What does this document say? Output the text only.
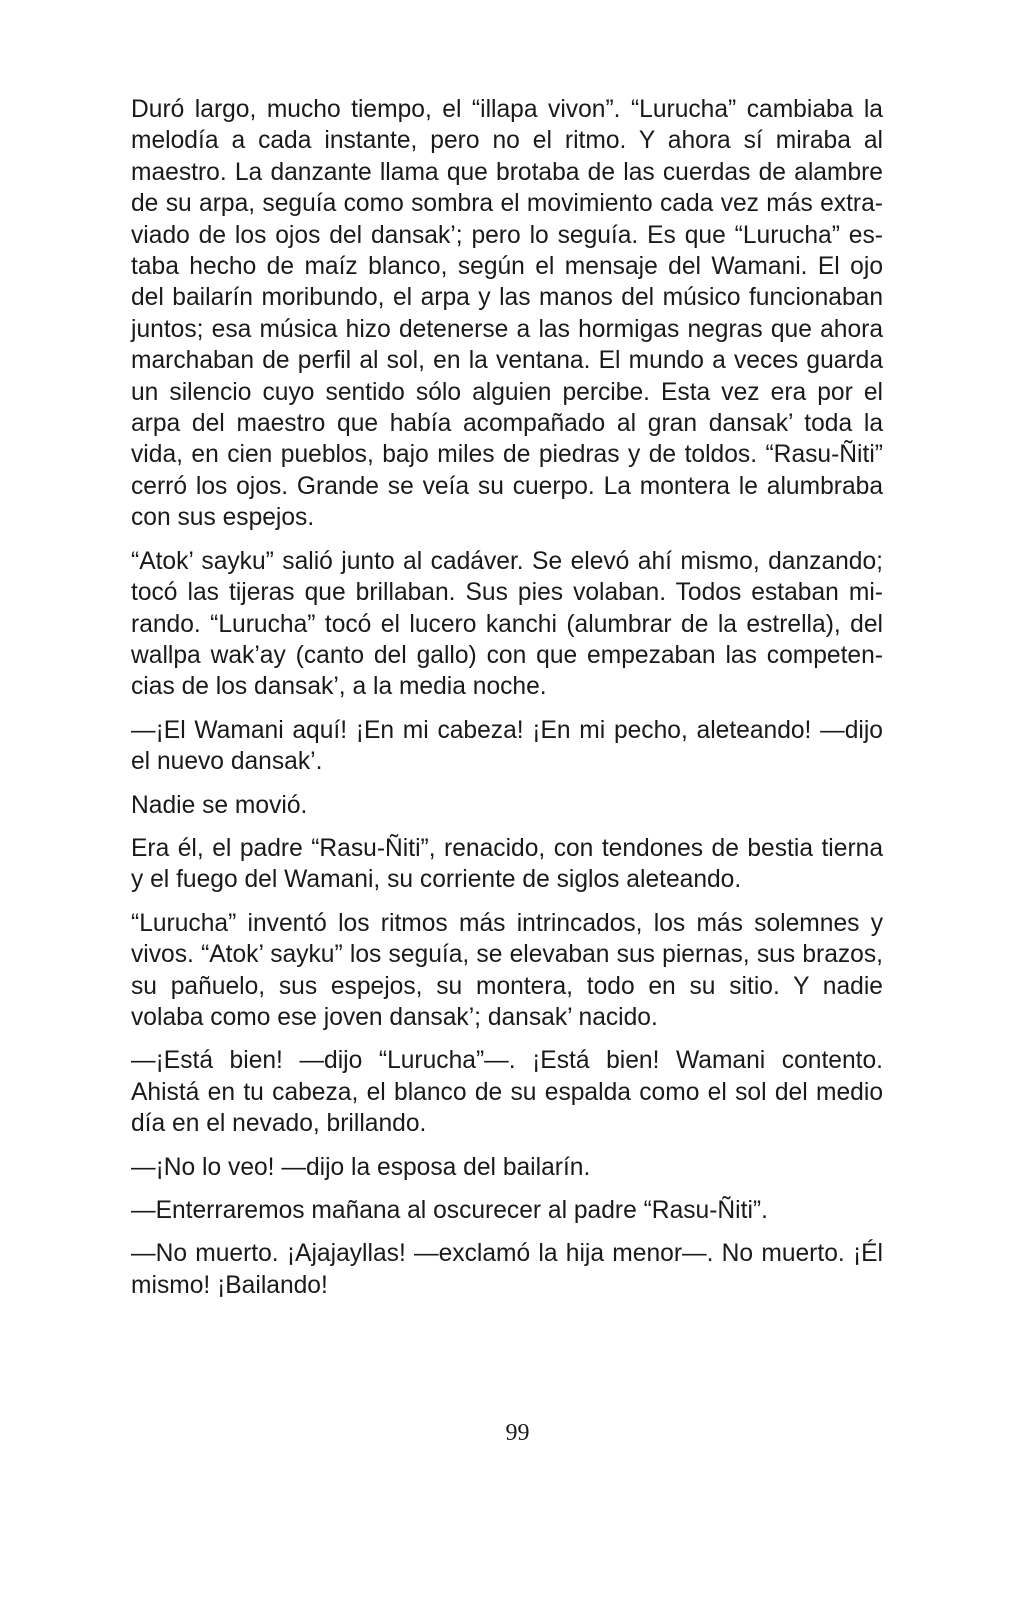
Duró largo, mucho tiempo, el “illapa vivon”. “Lurucha” cambiaba la melodía a cada instante, pero no el ritmo. Y ahora sí miraba al maestro. La danzante llama que brotaba de las cuerdas de alambre de su arpa, seguía como sombra el movimiento cada vez más extraviado de los ojos del dansak’; pero lo seguía. Es que “Lurucha” estaba hecho de maíz blanco, según el mensaje del Wamani. El ojo del bailarín moribundo, el arpa y las manos del músico funcionaban juntos; esa música hizo detenerse a las hormigas negras que ahora marchaban de perfil al sol, en la ventana. El mundo a veces guarda un silencio cuyo sentido sólo alguien percibe. Esta vez era por el arpa del maestro que había acompañado al gran dansak’ toda la vida, en cien pueblos, bajo miles de piedras y de toldos. “Rasu-Ñiti” cerró los ojos. Grande se veía su cuerpo. La montera le alumbraba con sus espejos.

“Atok’ sayku” salió junto al cadáver. Se elevó ahí mismo, danzando; tocó las tijeras que brillaban. Sus pies volaban. Todos estaban mirando. “Lurucha” tocó el lucero kanchi (alumbrar de la estrella), del wallpa wak’ay (canto del gallo) con que empezaban las competencias de los dansak’, a la media noche.

—¡El Wamani aquí! ¡En mi cabeza! ¡En mi pecho, aleteando! —dijo el nuevo dansak’.

Nadie se movió.

Era él, el padre “Rasu-Ñiti”, renacido, con tendones de bestia tierna y el fuego del Wamani, su corriente de siglos aleteando.

“Lurucha” inventó los ritmos más intrincados, los más solemnes y vivos. “Atok’ sayku” los seguía, se elevaban sus piernas, sus brazos, su pañuelo, sus espejos, su montera, todo en su sitio. Y nadie volaba como ese joven dansak’; dansak’ nacido.

—¡Está bien! —dijo “Lurucha”—. ¡Está bien! Wamani contento. Ahistá en tu cabeza, el blanco de su espalda como el sol del medio día en el nevado, brillando.

—¡No lo veo! —dijo la esposa del bailarín.

—Enterraremos mañana al oscurecer al padre “Rasu-Ñiti”.

—No muerto. ¡Ajajayllas! —exclamó la hija menor—. No muerto. ¡Él mismo! ¡Bailando!

99
